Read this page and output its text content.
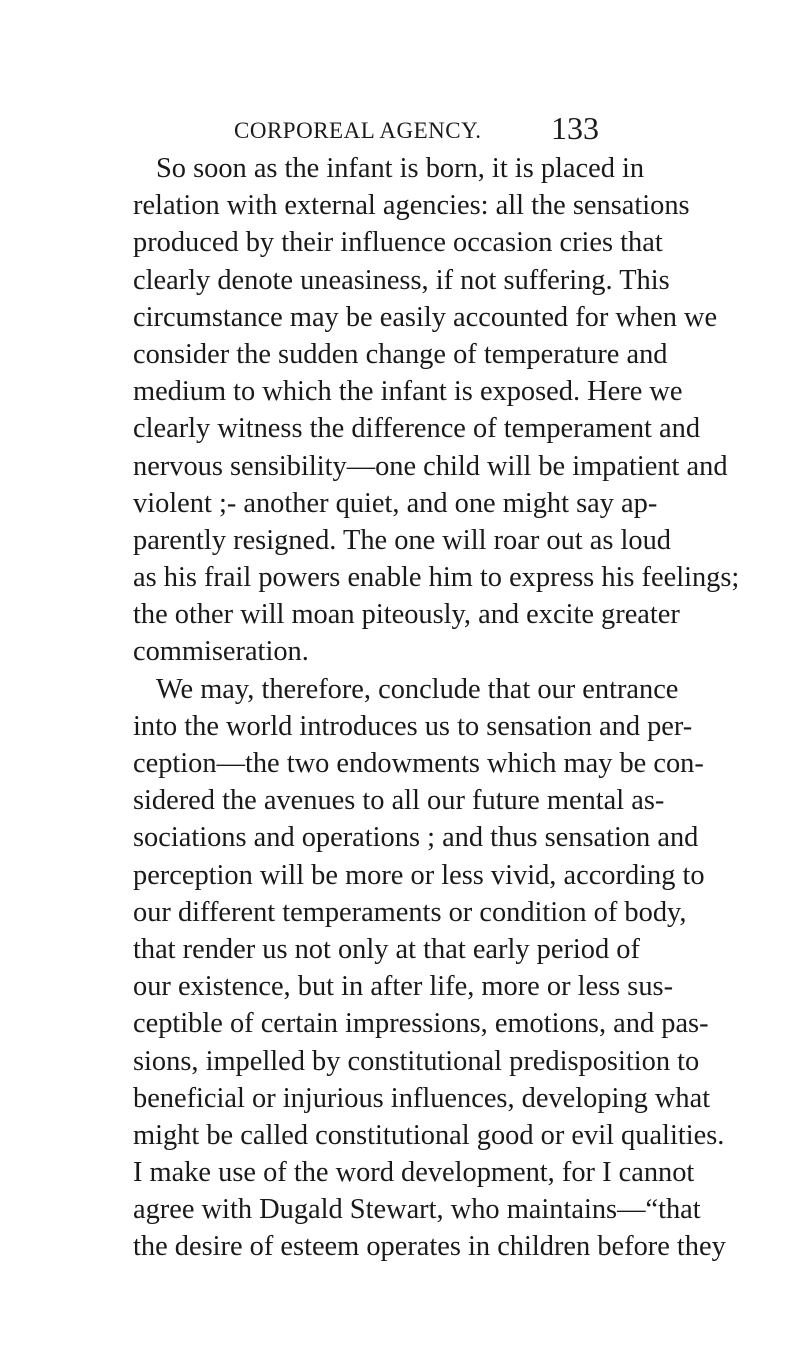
CORPOREAL AGENCY. 133
So soon as the infant is born, it is placed in
relation with external agencies: all the sensations
produced by their influence occasion cries that
clearly denote uneasiness, if not suffering. This
circumstance may be easily accounted for when we
consider the sudden change of temperature and
medium to which the infant is exposed. Here we
clearly witness the difference of temperament and
nervous sensibility—one child will be impatient and
violent ;- another quiet, and one might say ap-
parently resigned. The one will roar out as loud
as his frail powers enable him to express his feelings;
the other will moan piteously, and excite greater
commiseration.
We may, therefore, conclude that our entrance
into the world introduces us to sensation and per-
ception—the two endowments which may be con-
sidered the avenues to all our future mental as-
sociations and operations ; and thus sensation and
perception will be more or less vivid, according to
our different temperaments or condition of body,
that render us not only at that early period of
our existence, but in after life, more or less sus-
ceptible of certain impressions, emotions, and pas-
sions, impelled by constitutional predisposition to
beneficial or injurious influences, developing what
might be called constitutional good or evil qualities.
I make use of the word development, for I cannot
agree with Dugald Stewart, who maintains—“that
the desire of esteem operates in children before they
